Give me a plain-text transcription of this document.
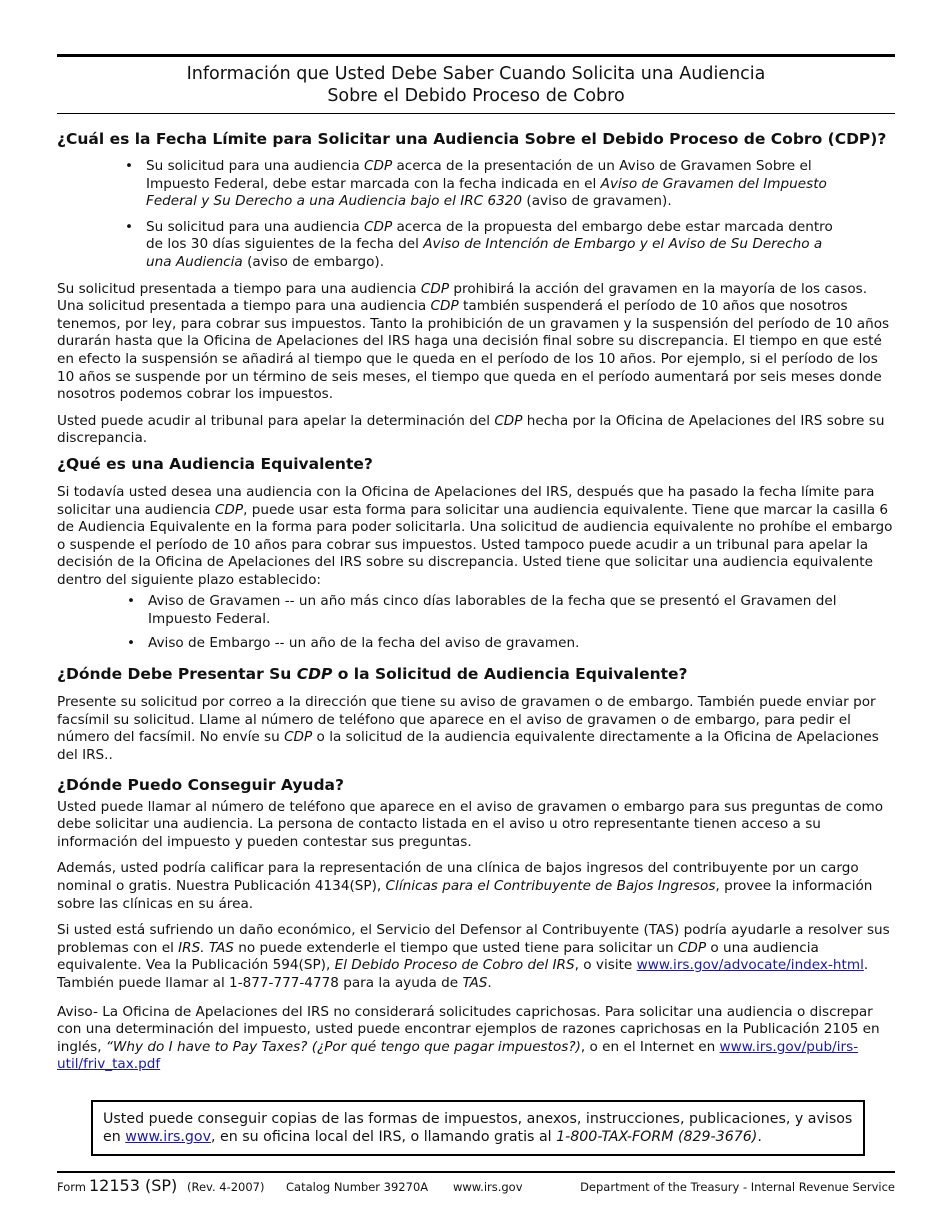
Información que Usted Debe Saber Cuando Solicita una Audiencia
Sobre el Debido Proceso de Cobro
¿Cuál es la Fecha Límite para Solicitar una Audiencia Sobre el Debido Proceso de Cobro (CDP)?
• Su solicitud para una audiencia CDP acerca de la presentación de un Aviso de Gravamen Sobre el Impuesto Federal, debe estar marcada con la fecha indicada en el Aviso de Gravamen del Impuesto Federal y Su Derecho a una Audiencia bajo el IRC 6320 (aviso de gravamen).
• Su solicitud para una audiencia CDP acerca de la propuesta del embargo debe estar marcada dentro de los 30 días siguientes de la fecha del Aviso de Intención de Embargo y el Aviso de Su Derecho a una Audiencia (aviso de embargo).

Su solicitud presentada a tiempo para una audiencia CDP prohibirá la acción del gravamen en la mayoría de los casos. Una solicitud presentada a tiempo para una audiencia CDP también suspenderá el período de 10 años que nosotros tenemos, por ley, para cobrar sus impuestos. Tanto la prohibición de un gravamen y la suspensión del período de 10 años durarán hasta que la Oficina de Apelaciones del IRS haga una decisión final sobre su discrepancia. El tiempo en que esté en efecto la suspensión se añadirá al tiempo que le queda en el período de los 10 años. Por ejemplo, si el período de los 10 años se suspende por un término de seis meses, el tiempo que queda en el período aumentará por seis meses donde nosotros podemos cobrar los impuestos.

Usted puede acudir al tribunal para apelar la determinación del CDP hecha por la Oficina de Apelaciones del IRS sobre su discrepancia.

¿Qué es una Audiencia Equivalente?

Si todavía usted desea una audiencia con la Oficina de Apelaciones del IRS, después que ha pasado la fecha límite para solicitar una audiencia CDP, puede usar esta forma para solicitar una audiencia equivalente. Tiene que marcar la casilla 6 de Audiencia Equivalente en la forma para poder solicitarla. Una solicitud de audiencia equivalente no prohíbe el embargo o suspende el período de 10 años para cobrar sus impuestos. Usted tampoco puede acudir a un tribunal para apelar la decisión de la Oficina de Apelaciones del IRS sobre su discrepancia. Usted tiene que solicitar una audiencia equivalente dentro del siguiente plazo establecido:

• Aviso de Gravamen -- un año más cinco días laborables de la fecha que se presentó el Gravamen del Impuesto Federal.
• Aviso de Embargo -- un año de la fecha del aviso de gravamen.
¿Dónde Debe Presentar Su CDP o la Solicitud de Audiencia Equivalente?

Presente su solicitud por correo a la dirección que tiene su aviso de gravamen o de embargo. También puede enviar por facsímil su solicitud. Llame al número de teléfono que aparece en el aviso de gravamen o de embargo, para pedir el número del facsímil. No envíe su CDP o la solicitud de la audiencia equivalente directamente a la Oficina de Apelaciones del IRS..

¿Dónde Puedo Conseguir Ayuda?

Usted puede llamar al número de teléfono que aparece en el aviso de gravamen o embargo para sus preguntas de como debe solicitar una audiencia. La persona de contacto listada en el aviso u otro representante tienen acceso a su información del impuesto y pueden contestar sus preguntas.

Además, usted podría calificar para la representación de una clínica de bajos ingresos del contribuyente por un cargo nominal o gratis. Nuestra Publicación 4134(SP), Clínicas para el Contribuyente de Bajos Ingresos, provee la información sobre las clínicas en su área.

Si usted está sufriendo un daño económico, el Servicio del Defensor al Contribuyente (TAS) podría ayudarle a resolver sus problemas con el IRS. TAS no puede extenderle el tiempo que usted tiene para solicitar un CDP o una audiencia equivalente. Vea la Publicación 594(SP), El Debido Proceso de Cobro del IRS, o visite www.irs.gov/advocate/index-html. También puede llamar al 1-877-777-4778 para la ayuda de TAS.

Aviso- La Oficina de Apelaciones del IRS no considerará solicitudes caprichosas. Para solicitar una audiencia o discrepar con una determinación del impuesto, usted puede encontrar ejemplos de razones caprichosas en la Publicación 2105 en inglés, “Why do I have to Pay Taxes? (¿Por qué tengo que pagar impuestos?), o en el Internet en www.irs.gov/pub/irs-util/friv_tax.pdf

Usted puede conseguir copias de las formas de impuestos, anexos, instrucciones, publicaciones, y avisos en www.irs.gov, en su oficina local del IRS, o llamando gratis al 1-800-TAX-FORM (829-3676).

Form 12153 (SP) (Rev. 4-2007) Catalog Number 39270A www.irs.gov	Department of the Treasury - Internal Revenue Service
